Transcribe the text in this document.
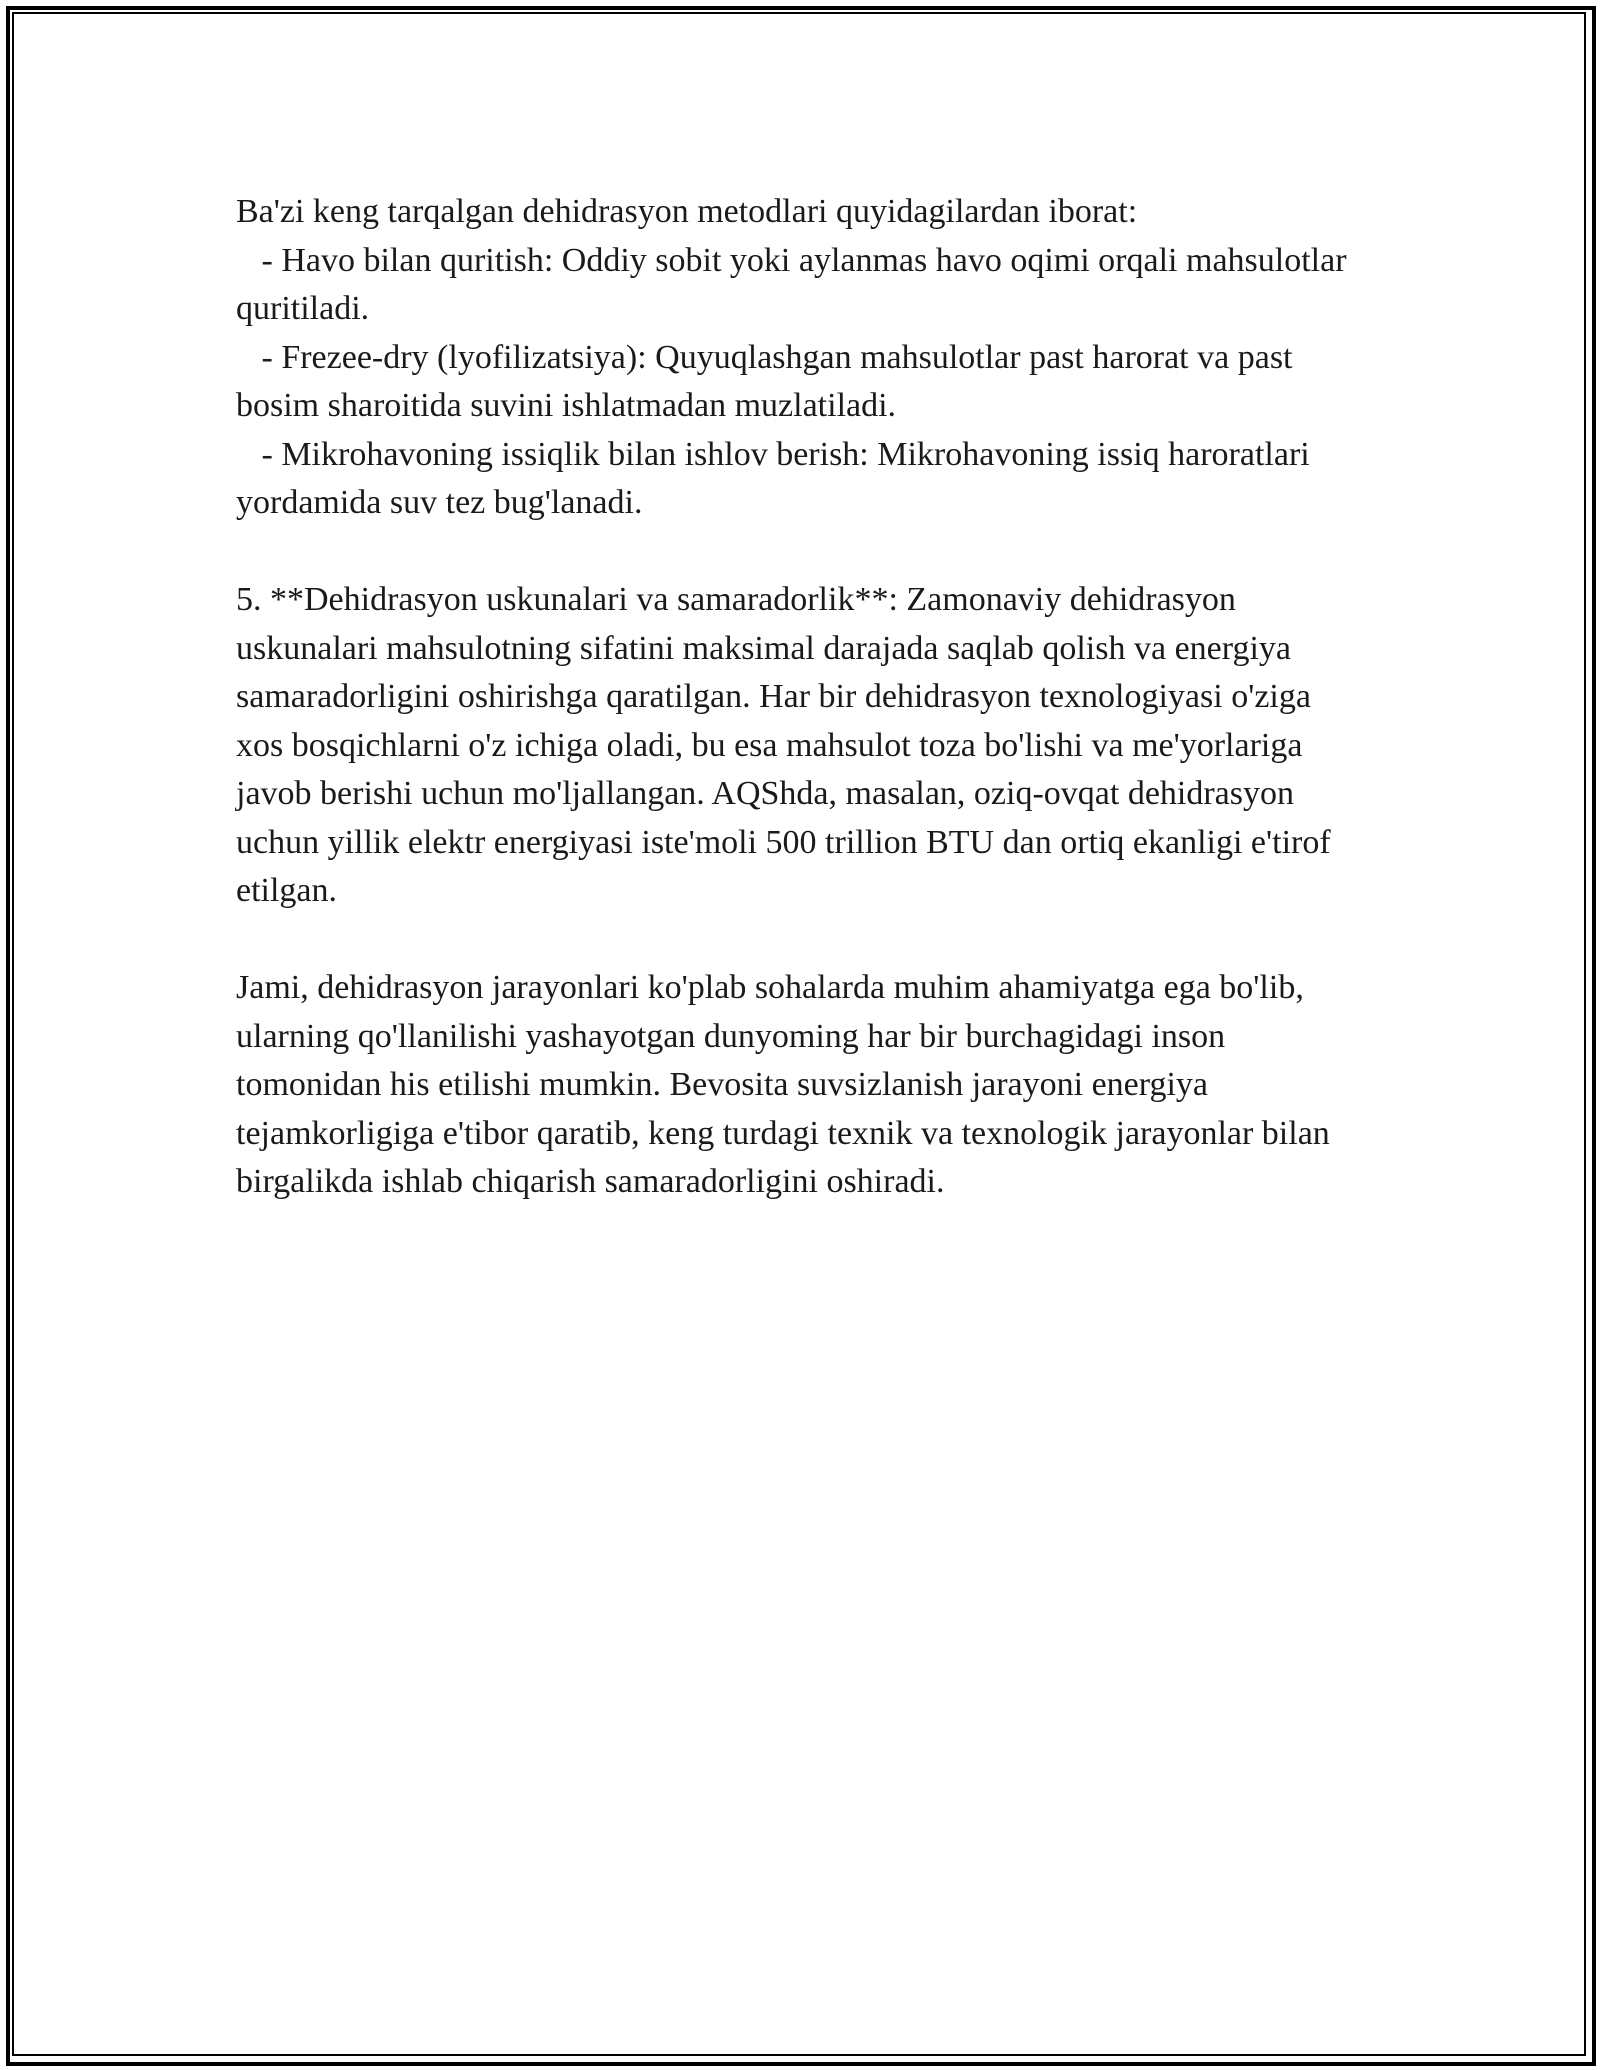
Ba'zi keng tarqalgan dehidrasyon metodlari quyidagilardan iborat:
- Havo bilan quritish: Oddiy sobit yoki aylanmas havo oqimi orqali mahsulotlar quritiladi.
- Frezee-dry (lyofilizatsiya): Quyuqlashgan mahsulotlar past harorat va past bosim sharoitida suvini ishlatmadan muzlatiladi.
- Mikrohavoning issiqlik bilan ishlov berish: Mikrohavoning issiq haroratlari yordamida suv tez bug'lanadi.

5. **Dehidrasyon uskunalari va samaradorlik**: Zamonaviy dehidrasyon uskunalari mahsulotning sifatini maksimal darajada saqlab qolish va energiya samaradorligini oshirishga qaratilgan. Har bir dehidrasyon texnologiyasi o'ziga xos bosqichlarni o'z ichiga oladi, bu esa mahsulot toza bo'lishi va me'yorlariga javob berishi uchun mo'ljallangan. AQShda, masalan, oziq-ovqat dehidrasyon uchun yillik elektr energiyasi iste'moli 500 trillion BTU dan ortiq ekanligi e'tirof etilgan.

Jami, dehidrasyon jarayonlari ko'plab sohalarda muhim ahamiyatga ega bo'lib, ularning qo'llanilishi yashayotgan dunyoming har bir burchagidagi inson tomonidan his etilishi mumkin. Bevosita suvsizlanish jarayoni energiya tejamkorligiga e'tibor qaratib, keng turdagi texnik va texnologik jarayonlar bilan birgalikda ishlab chiqarish samaradorligini oshiradi.
